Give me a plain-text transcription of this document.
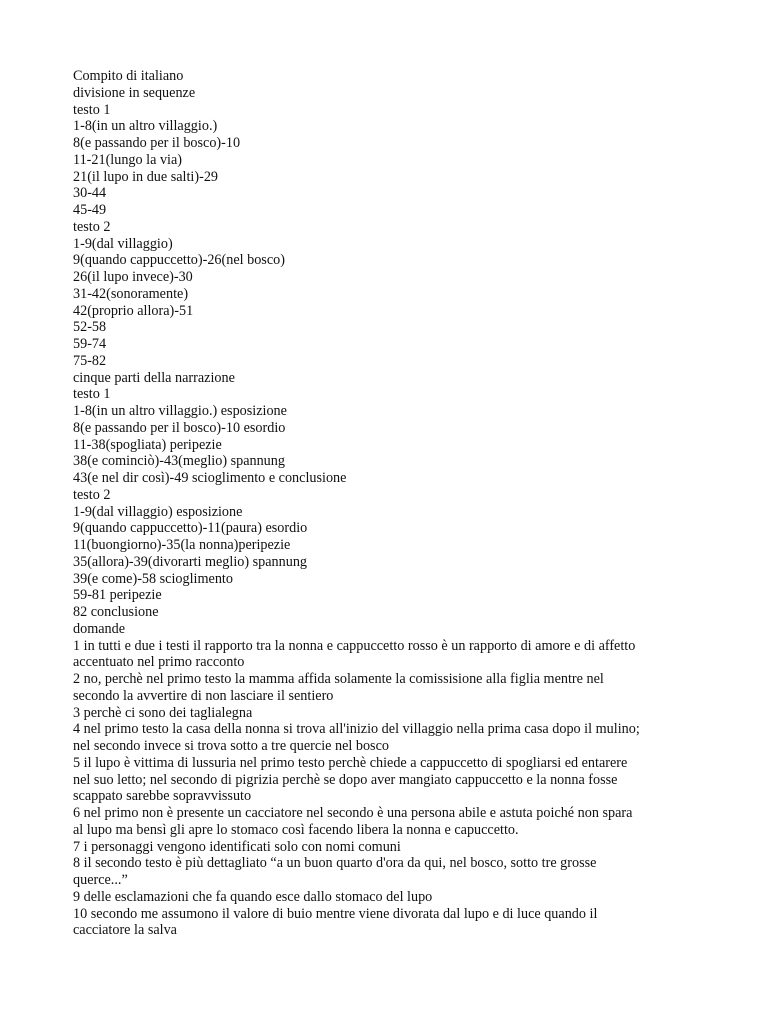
Compito di italiano
divisione in sequenze
testo 1
1-8(in un altro villaggio.)
8(e passando per il bosco)-10
11-21(lungo la via)
21(il lupo in due salti)-29
30-44
45-49
testo 2
1-9(dal villaggio)
9(quando cappuccetto)-26(nel bosco)
26(il lupo invece)-30
31-42(sonoramente)
42(proprio allora)-51
52-58
59-74
75-82
cinque parti della narrazione
testo 1
1-8(in un altro villaggio.) esposizione
8(e passando per il bosco)-10 esordio
11-38(spogliata) peripezie
38(e cominciò)-43(meglio) spannung
43(e nel dir così)-49 scioglimento e conclusione
testo 2
1-9(dal villaggio) esposizione
9(quando cappuccetto)-11(paura) esordio
11(buongiorno)-35(la nonna)peripezie
35(allora)-39(divorarti meglio) spannung
39(e come)-58 scioglimento
59-81 peripezie
82 conclusione
domande
1 in tutti e due i testi il rapporto tra la nonna e cappuccetto rosso è un rapporto di amore e di affetto
accentuato nel primo racconto
2 no, perchè nel primo testo la mamma affida solamente la comissisione alla figlia mentre nel
secondo la avvertire di non lasciare il sentiero
3 perchè ci sono dei taglialegna
4 nel primo testo la casa della nonna si trova all'inizio del villaggio nella prima casa dopo il mulino;
nel secondo invece si trova sotto a tre quercie nel bosco
5 il lupo è vittima di lussuria nel primo testo perchè chiede a cappuccetto di spogliarsi ed entarere
nel suo letto; nel secondo di pigrizia perchè se dopo aver mangiato cappuccetto e la nonna fosse
scappato sarebbe sopravvissuto
6 nel primo non è presente un cacciatore nel secondo è una persona abile e astuta poiché non spara
al lupo ma bensì gli apre lo stomaco così facendo libera la nonna e capuccetto.
7 i personaggi vengono identificati solo con nomi comuni
8 il secondo testo è più dettagliato “a un buon quarto d'ora da qui, nel bosco, sotto tre grosse
querce...”
9 delle esclamazioni che fa quando esce dallo stomaco del lupo
10 secondo me assumono il valore di buio mentre viene divorata dal lupo e di luce quando il
cacciatore la salva
